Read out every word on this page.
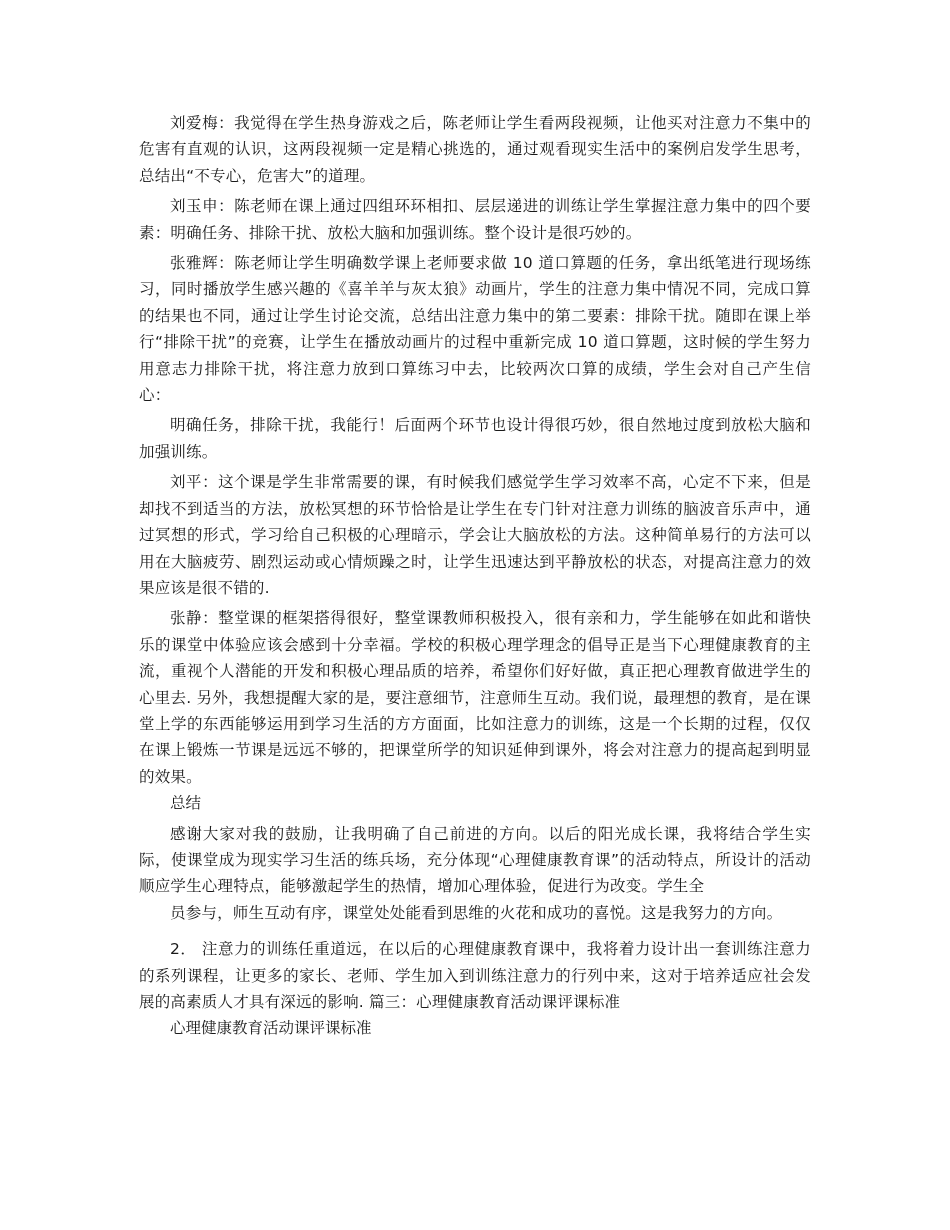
刘爱梅：我觉得在学生热身游戏之后，陈老师让学生看两段视频，让他买对注意力不集中的危害有直观的认识，这两段视频一定是精心挑选的，通过观看现实生活中的案例启发学生思考，总结出“不专心，危害大”的道理。

刘玉申：陈老师在课上通过四组环环相扣、层层递进的训练让学生掌握注意力集中的四个要素：明确任务、排除干扰、放松大脑和加强训练。整个设计是很巧妙的。

张雅辉：陈老师让学生明确数学课上老师要求做 10 道口算题的任务，拿出纸笔进行现场练习，同时播放学生感兴趣的《喜羊羊与灰太狼》动画片，学生的注意力集中情况不同，完成口算的结果也不同，通过让学生讨论交流，总结出注意力集中的第二要素：排除干扰。随即在课上举行“排除干扰”的竞赛，让学生在播放动画片的过程中重新完成 10 道口算题，这时候的学生努力用意志力排除干扰，将注意力放到口算练习中去，比较两次口算的成绩，学生会对自己产生信心：

明确任务，排除干扰，我能行！后面两个环节也设计得很巧妙，很自然地过度到放松大脑和加强训练。

刘平：这个课是学生非常需要的课，有时候我们感觉学生学习效率不高，心定不下来，但是却找不到适当的方法，放松冥想的环节恰恰是让学生在专门针对注意力训练的脑波音乐声中，通过冥想的形式，学习给自己积极的心理暗示，学会让大脑放松的方法。这种简单易行的方法可以用在大脑疲劳、剧烈运动或心情烦躁之时，让学生迅速达到平静放松的状态，对提高注意力的效果应该是很不错的.

张静：整堂课的框架搭得很好，整堂课教师积极投入，很有亲和力，学生能够在如此和谐快乐的课堂中体验应该会感到十分幸福。学校的积极心理学理念的倡导正是当下心理健康教育的主流，重视个人潜能的开发和积极心理品质的培养，希望你们好好做，真正把心理教育做进学生的心里去. 另外，我想提醒大家的是，要注意细节，注意师生互动。我们说，最理想的教育，是在课堂上学的东西能够运用到学习生活的方方面面，比如注意力的训练，这是一个长期的过程，仅仅在课上锻炼一节课是远远不够的，把课堂所学的知识延伸到课外，将会对注意力的提高起到明显的效果。

总结

感谢大家对我的鼓励，让我明确了自己前进的方向。以后的阳光成长课，我将结合学生实际，使课堂成为现实学习生活的练兵场，充分体现“心理健康教育课”的活动特点，所设计的活动顺应学生心理特点，能够激起学生的热情，增加心理体验，促进行为改变。学生全

员参与，师生互动有序，课堂处处能看到思维的火花和成功的喜悦。这是我努力的方向。

2． 注意力的训练任重道远，在以后的心理健康教育课中，我将着力设计出一套训练注意力的系列课程，让更多的家长、老师、学生加入到训练注意力的行列中来，这对于培养适应社会发展的高素质人才具有深远的影响. 篇三：心理健康教育活动课评课标准

心理健康教育活动课评课标准
